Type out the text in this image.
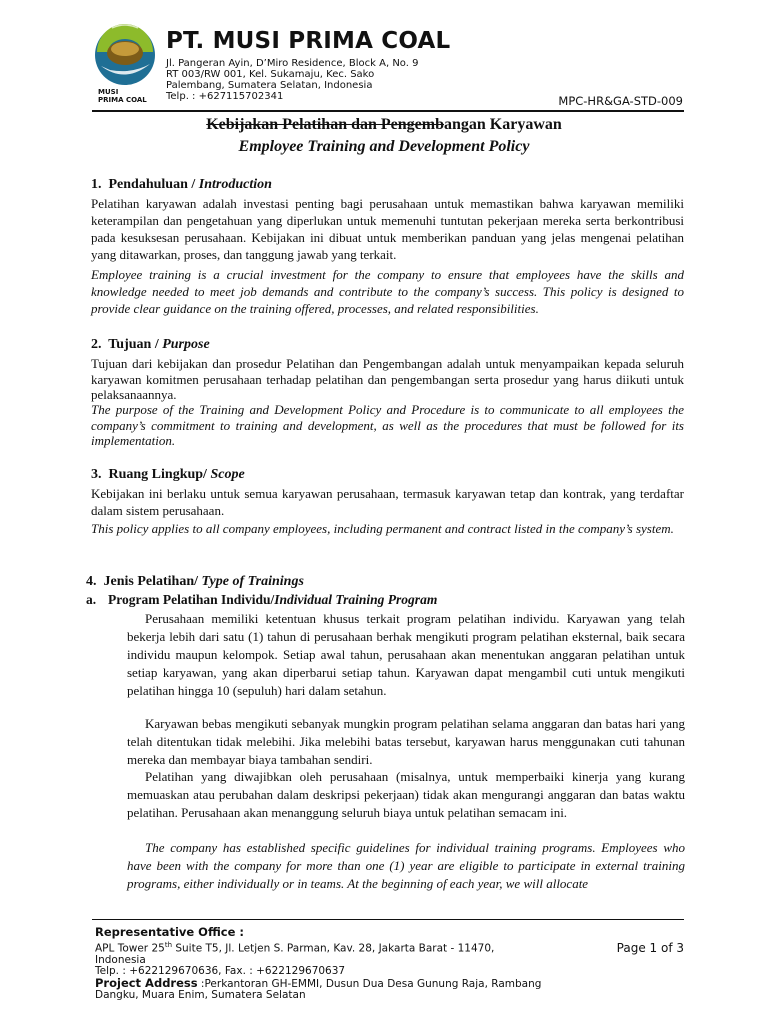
MUSI
PRIMA COAL
PT. MUSI PRIMA COAL
Jl. Pangeran Ayin, D’Miro Residence, Block A, No. 9
RT 003/RW 001, Kel. Sukamaju, Kec. Sako
Palembang, Sumatera Selatan, Indonesia
Telp. : +627115702341	MPC-HR&GA-STD-009
Kebijakan Pelatihan dan Pengembangan Karyawan
Employee Training and Development Policy
1. Pendahuluan / Introduction
Pelatihan karyawan adalah investasi penting bagi perusahaan untuk memastikan bahwa karyawan memiliki keterampilan dan pengetahuan yang diperlukan untuk memenuhi tuntutan pekerjaan mereka serta berkontribusi pada kesuksesan perusahaan. Kebijakan ini dibuat untuk memberikan panduan yang jelas mengenai pelatihan yang ditawarkan, proses, dan tanggung jawab yang terkait.
Employee training is a crucial investment for the company to ensure that employees have the skills and knowledge needed to meet job demands and contribute to the company’s success. This policy is designed to provide clear guidance on the training offered, processes, and related responsibilities.
2. Tujuan / Purpose
Tujuan dari kebijakan dan prosedur Pelatihan dan Pengembangan adalah untuk menyampaikan kepada seluruh karyawan komitmen perusahaan terhadap pelatihan dan pengembangan serta prosedur yang harus diikuti untuk pelaksanaannya.
The purpose of the Training and Development Policy and Procedure is to communicate to all employees the company’s commitment to training and development, as well as the procedures that must be followed for its implementation.
3. Ruang Lingkup/ Scope
Kebijakan ini berlaku untuk semua karyawan perusahaan, termasuk karyawan tetap dan kontrak, yang terdaftar dalam sistem perusahaan.
This policy applies to all company employees, including permanent and contract listed in the company’s system.
4. Jenis Pelatihan/ Type of Trainings
a. Program Pelatihan Individu/Individual Training Program
Perusahaan memiliki ketentuan khusus terkait program pelatihan individu. Karyawan yang telah bekerja lebih dari satu (1) tahun di perusahaan berhak mengikuti program pelatihan eksternal, baik secara individu maupun kelompok. Setiap awal tahun, perusahaan akan menentukan anggaran pelatihan untuk setiap karyawan, yang akan diperbarui setiap tahun. Karyawan dapat mengambil cuti untuk mengikuti pelatihan hingga 10 (sepuluh) hari dalam setahun.
Karyawan bebas mengikuti sebanyak mungkin program pelatihan selama anggaran dan batas hari yang telah ditentukan tidak melebihi. Jika melebihi batas tersebut, karyawan harus menggunakan cuti tahunan mereka dan membayar biaya tambahan sendiri.
Pelatihan yang diwajibkan oleh perusahaan (misalnya, untuk memperbaiki kinerja yang kurang memuaskan atau perubahan dalam deskripsi pekerjaan) tidak akan mengurangi anggaran dan batas waktu pelatihan. Perusahaan akan menanggung seluruh biaya untuk pelatihan semacam ini.
The company has established specific guidelines for individual training programs. Employees who have been with the company for more than one (1) year are eligible to participate in external training programs, either individually or in teams. At the beginning of each year, we will allocate
Representative Office :
APL Tower 25th Suite T5, Jl. Letjen S. Parman, Kav. 28, Jakarta Barat - 11470, Indonesia
Telp. : +622129670636, Fax. : +622129670637
Project Address :Perkantoran GH-EMMI, Dusun Dua Desa Gunung Raja, Rambang
Dangku, Muara Enim, Sumatera Selatan
Page 1 of 3
